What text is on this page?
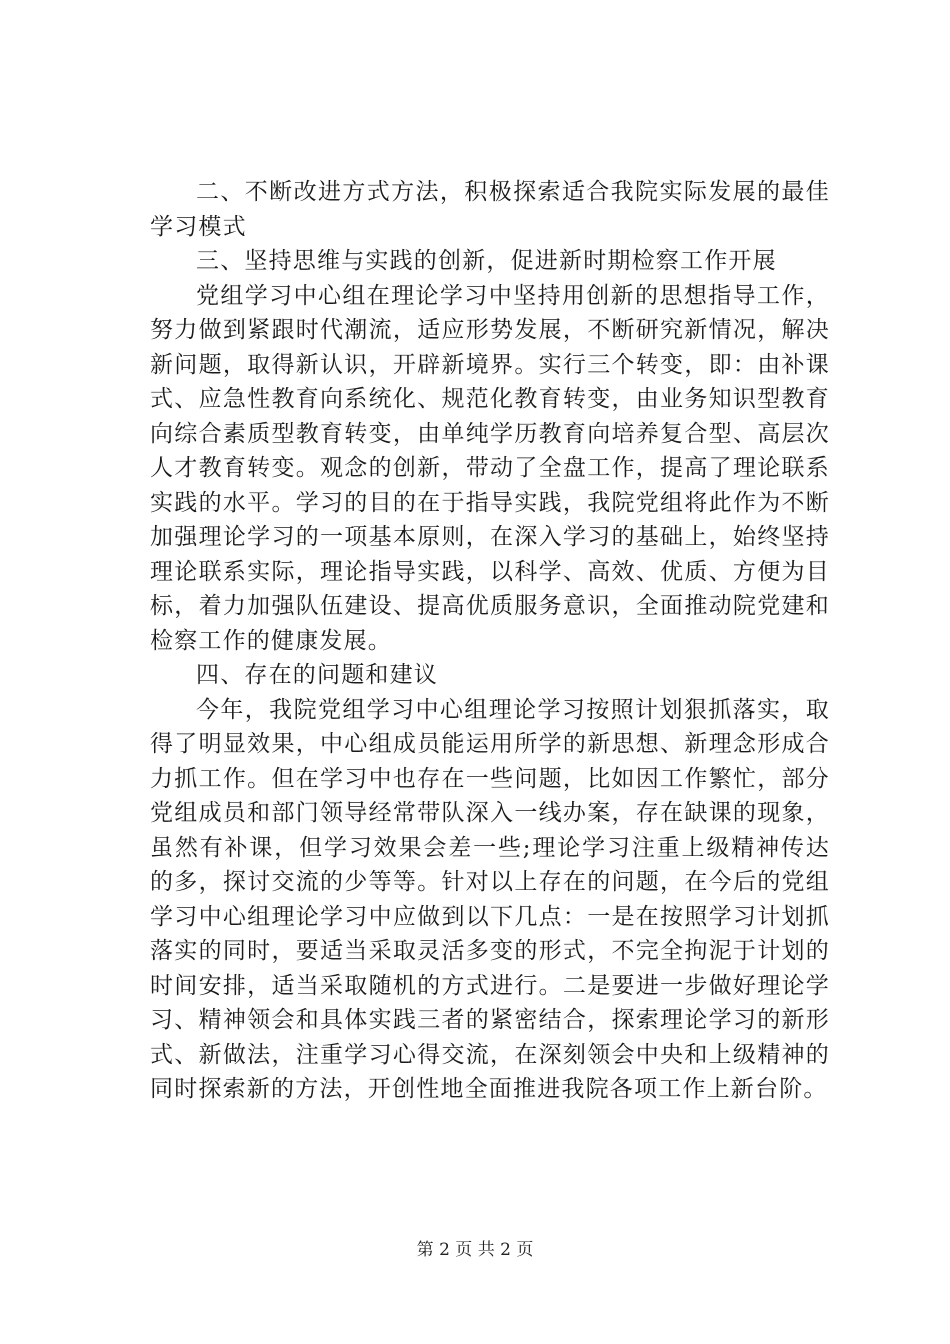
二、不断改进方式方法，积极探索适合我院实际发展的最佳学习模式

三、坚持思维与实践的创新，促进新时期检察工作开展

党组学习中心组在理论学习中坚持用创新的思想指导工作，努力做到紧跟时代潮流，适应形势发展，不断研究新情况，解决新问题，取得新认识，开辟新境界。实行三个转变，即：由补课式、应急性教育向系统化、规范化教育转变，由业务知识型教育向综合素质型教育转变，由单纯学历教育向培养复合型、高层次人才教育转变。观念的创新，带动了全盘工作，提高了理论联系实践的水平。学习的目的在于指导实践，我院党组将此作为不断加强理论学习的一项基本原则，在深入学习的基础上，始终坚持理论联系实际，理论指导实践，以科学、高效、优质、方便为目标，着力加强队伍建设、提高优质服务意识，全面推动院党建和检察工作的健康发展。

四、存在的问题和建议

今年，我院党组学习中心组理论学习按照计划狠抓落实，取得了明显效果，中心组成员能运用所学的新思想、新理念形成合力抓工作。但在学习中也存在一些问题，比如因工作繁忙，部分党组成员和部门领导经常带队深入一线办案，存在缺课的现象，虽然有补课，但学习效果会差一些;理论学习注重上级精神传达的多，探讨交流的少等等。针对以上存在的问题，在今后的党组学习中心组理论学习中应做到以下几点：一是在按照学习计划抓落实的同时，要适当采取灵活多变的形式，不完全拘泥于计划的时间安排，适当采取随机的方式进行。二是要进一步做好理论学习、精神领会和具体实践三者的紧密结合，探索理论学习的新形式、新做法，注重学习心得交流，在深刻领会中央和上级精神的同时探索新的方法，开创性地全面推进我院各项工作上新台阶。

第 2 页 共 2 页
